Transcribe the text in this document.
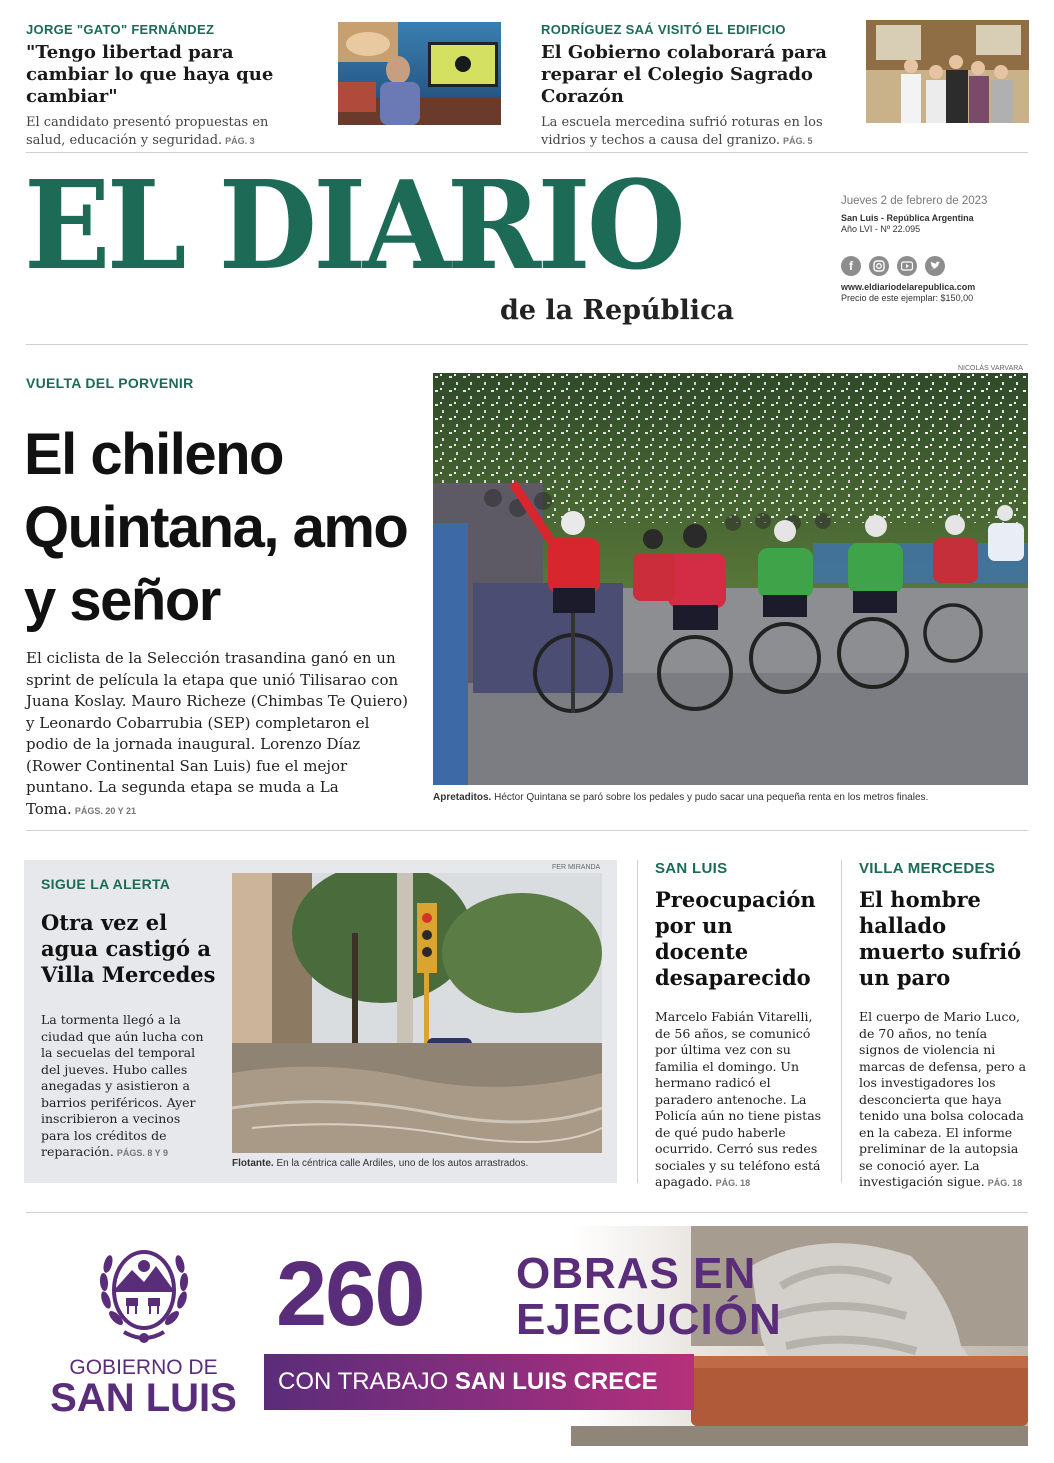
JORGE "GATO" FERNÁNDEZ
"Tengo libertad para cambiar lo que haya que cambiar"
El candidato presentó propuestas en salud, educación y seguridad. PÁG. 3
RODRÍGUEZ SAÁ VISITÓ EL EDIFICIO
El Gobierno colaborará para reparar el Colegio Sagrado Corazón
La escuela mercedina sufrió roturas en los vidrios y techos a causa del granizo. PÁG. 5
EL DIARIO
de la República
Jueves 2 de febrero de 2023
San Luis - República Argentina
Año LVI - Nº 22.095
f
www.eldiariodelarepublica.com
Precio de este ejemplar: $150,00
VUELTA DEL PORVENIR
El chileno Quintana, amo y señor
El ciclista de la Selección trasandina ganó en un sprint de película la etapa que unió Tilisarao con Juana Koslay. Mauro Richeze (Chimbas Te Quiero) y Leonardo Cobarrubia (SEP) completaron el podio de la jornada inaugural. Lorenzo Díaz (Rower Continental San Luis) fue el mejor puntano. La segunda etapa se muda a La Toma. PÁGS. 20 Y 21
NICOLÁS VARVARA
Apretaditos. Héctor Quintana se paró sobre los pedales y pudo sacar una pequeña renta en los metros finales.
SIGUE LA ALERTA
Otra vez el agua castigó a Villa Mercedes
La tormenta llegó a la ciudad que aún lucha con la secuelas del temporal del jueves. Hubo calles anegadas y asistieron a barrios periféricos. Ayer inscribieron a vecinos para los créditos de reparación. PÁGS. 8 Y 9
FER MIRANDA
Flotante. En la céntrica calle Ardiles, uno de los autos arrastrados.
SAN LUIS
Preocupación por un docente desaparecido
Marcelo Fabián Vitarelli, de 56 años, se comunicó por última vez con su familia el domingo. Un hermano radicó el paradero antenoche. La Policía aún no tiene pistas de qué pudo haberle ocurrido. Cerró sus redes sociales y su teléfono está apagado. PÁG. 18
VILLA MERCEDES
El hombre hallado muerto sufrió un paro
El cuerpo de Mario Luco, de 70 años, no tenía signos de violencia ni marcas de defensa, pero a los investigadores los desconcierta que haya tenido una bolsa colocada en la cabeza. El informe preliminar de la autopsia se conoció ayer. La investigación sigue. PÁG. 18
GOBIERNO DE
SAN LUIS
260 OBRAS EN
EJECUCIÓN
CON TRABAJO SAN LUIS CRECE
